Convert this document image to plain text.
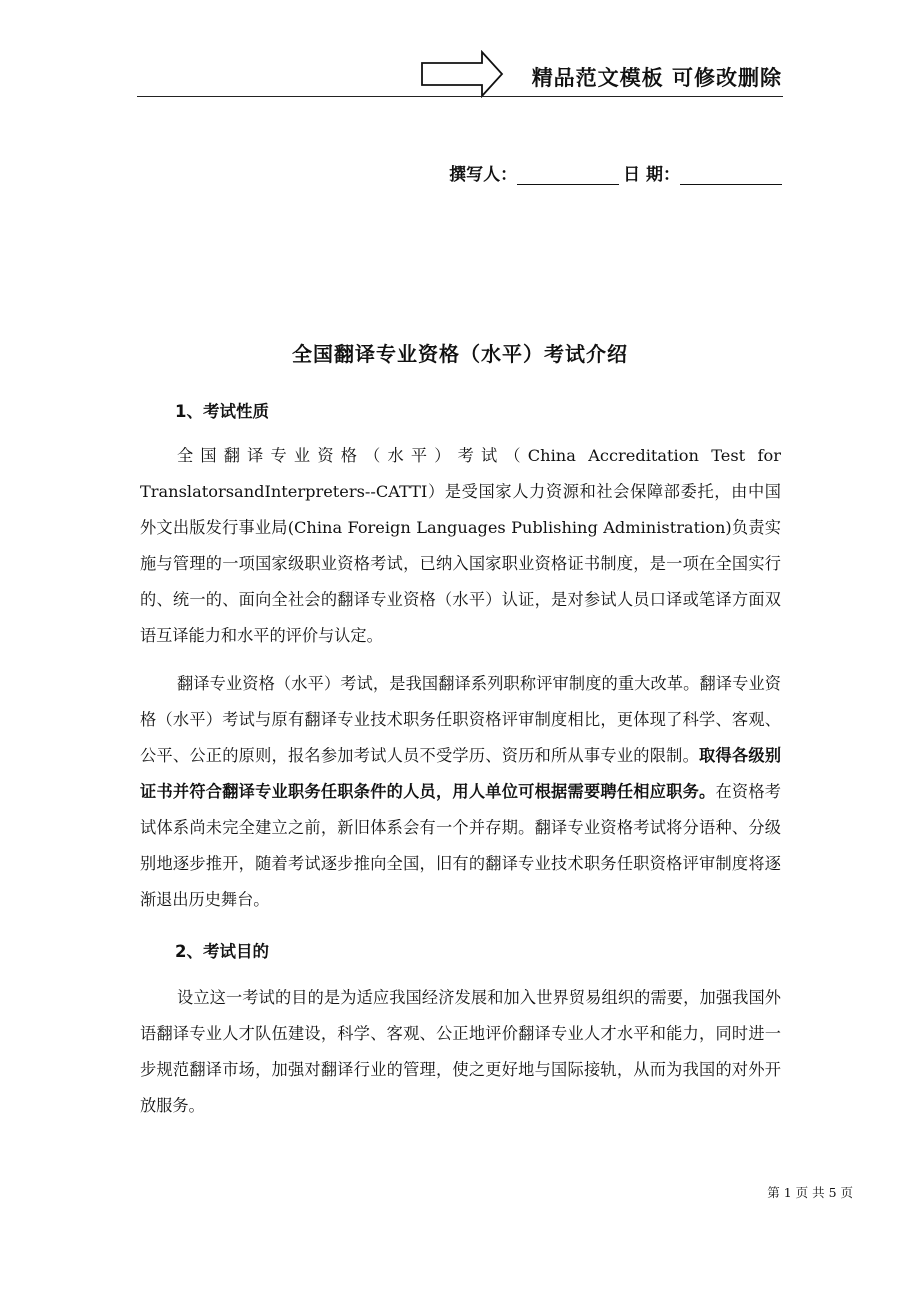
精品范文模板 可修改删除
撰写人：	日 期：
全国翻译专业资格（水平）考试介绍
1、考试性质

全国翻译专业资格（水平）考试（China Accreditation Test for TranslatorsandInterpreters--CATTI）是受国家人力资源和社会保障部委托，由中国外文出版发行事业局(China Foreign Languages Publishing Administration)负责实施与管理的一项国家级职业资格考试，已纳入国家职业资格证书制度，是一项在全国实行的、统一的、面向全社会的翻译专业资格（水平）认证，是对参试人员口译或笔译方面双语互译能力和水平的评价与认定。

翻译专业资格（水平）考试，是我国翻译系列职称评审制度的重大改革。翻译专业资格（水平）考试与原有翻译专业技术职务任职资格评审制度相比，更体现了科学、客观、公平、公正的原则，报名参加考试人员不受学历、资历和所从事专业的限制。取得各级别证书并符合翻译专业职务任职条件的人员，用人单位可根据需要聘任相应职务。在资格考试体系尚未完全建立之前，新旧体系会有一个并存期。翻译专业资格考试将分语种、分级别地逐步推开，随着考试逐步推向全国，旧有的翻译专业技术职务任职资格评审制度将逐渐退出历史舞台。

2、考试目的

设立这一考试的目的是为适应我国经济发展和加入世界贸易组织的需要，加强我国外语翻译专业人才队伍建设，科学、客观、公正地评价翻译专业人才水平和能力，同时进一步规范翻译市场，加强对翻译行业的管理，使之更好地与国际接轨，从而为我国的对外开放服务。

第 1 页 共 5 页
